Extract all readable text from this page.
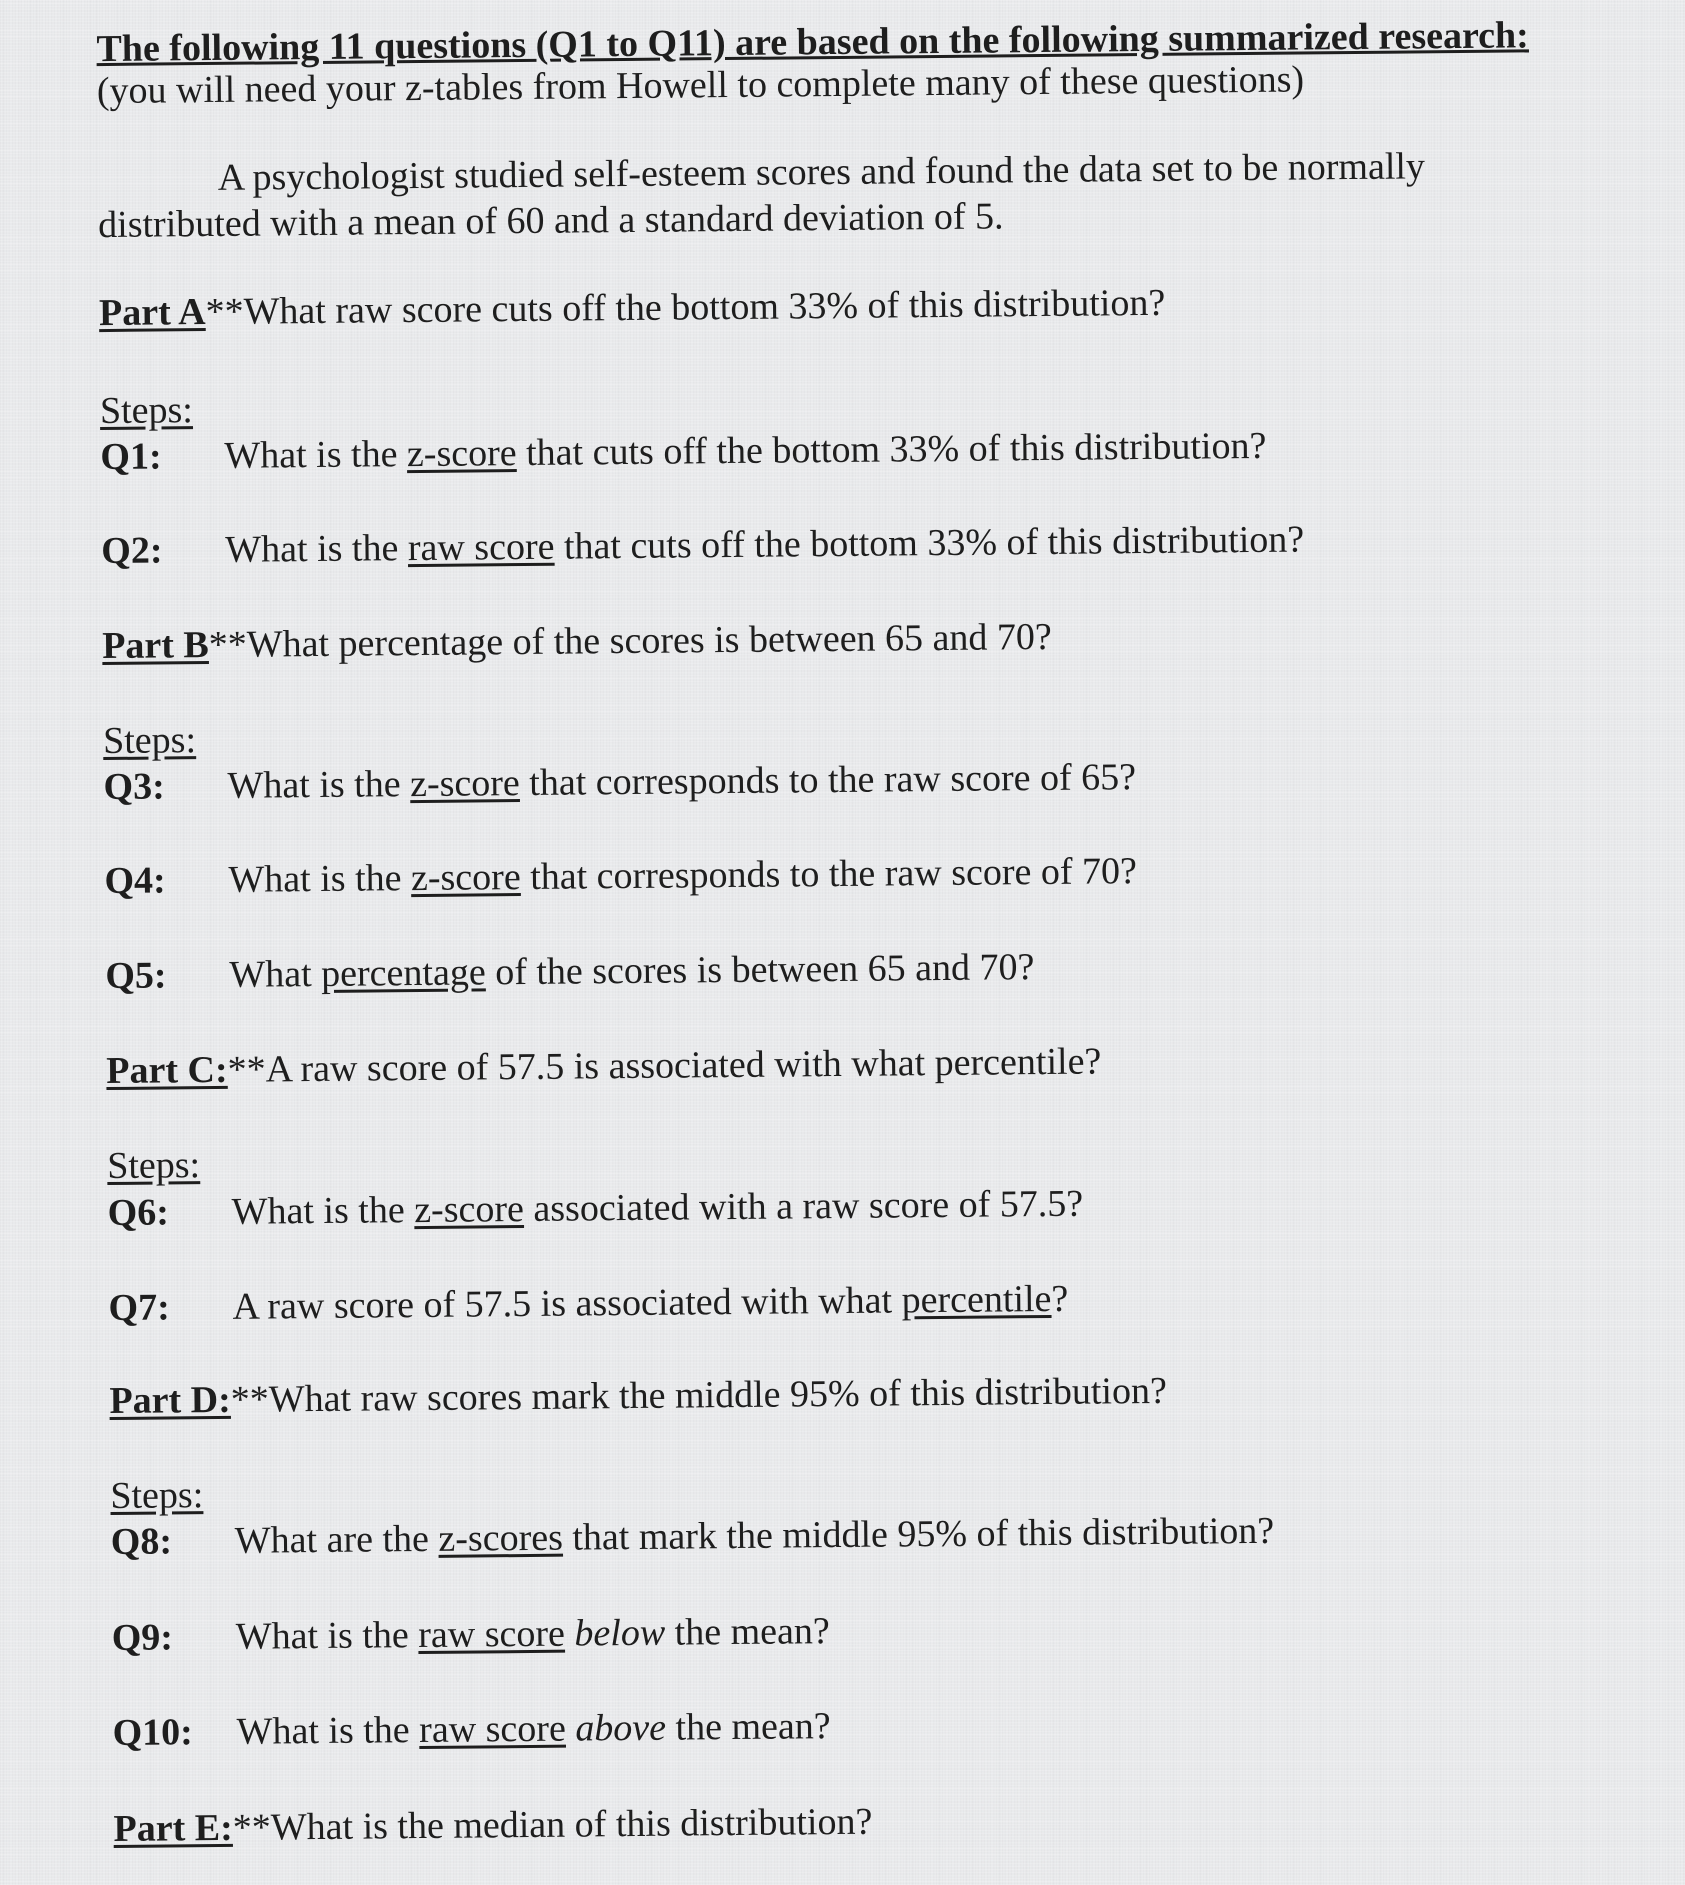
The following 11 questions (Q1 to Q11) are based on the following summarized research:
(you will need your z-tables from Howell to complete many of these questions)
A psychologist studied self-esteem scores and found the data set to be normally
distributed with a mean of 60 and a standard deviation of 5.
Part A**What raw score cuts off the bottom 33% of this distribution?
Steps:
Q1: What is the z-score that cuts off the bottom 33% of this distribution?
Q2: What is the raw score that cuts off the bottom 33% of this distribution?
Part B**What percentage of the scores is between 65 and 70?
Steps:
Q3: What is the z-score that corresponds to the raw score of 65?
Q4: What is the z-score that corresponds to the raw score of 70?
Q5: What percentage of the scores is between 65 and 70?
Part C:**A raw score of 57.5 is associated with what percentile?
Steps:
Q6: What is the z-score associated with a raw score of 57.5?
Q7: A raw score of 57.5 is associated with what percentile?
Part D:**What raw scores mark the middle 95% of this distribution?
Steps:
Q8: What are the z-scores that mark the middle 95% of this distribution?
Q9: What is the raw score below the mean?
Q10: What is the raw score above the mean?
Part E:**What is the median of this distribution?
